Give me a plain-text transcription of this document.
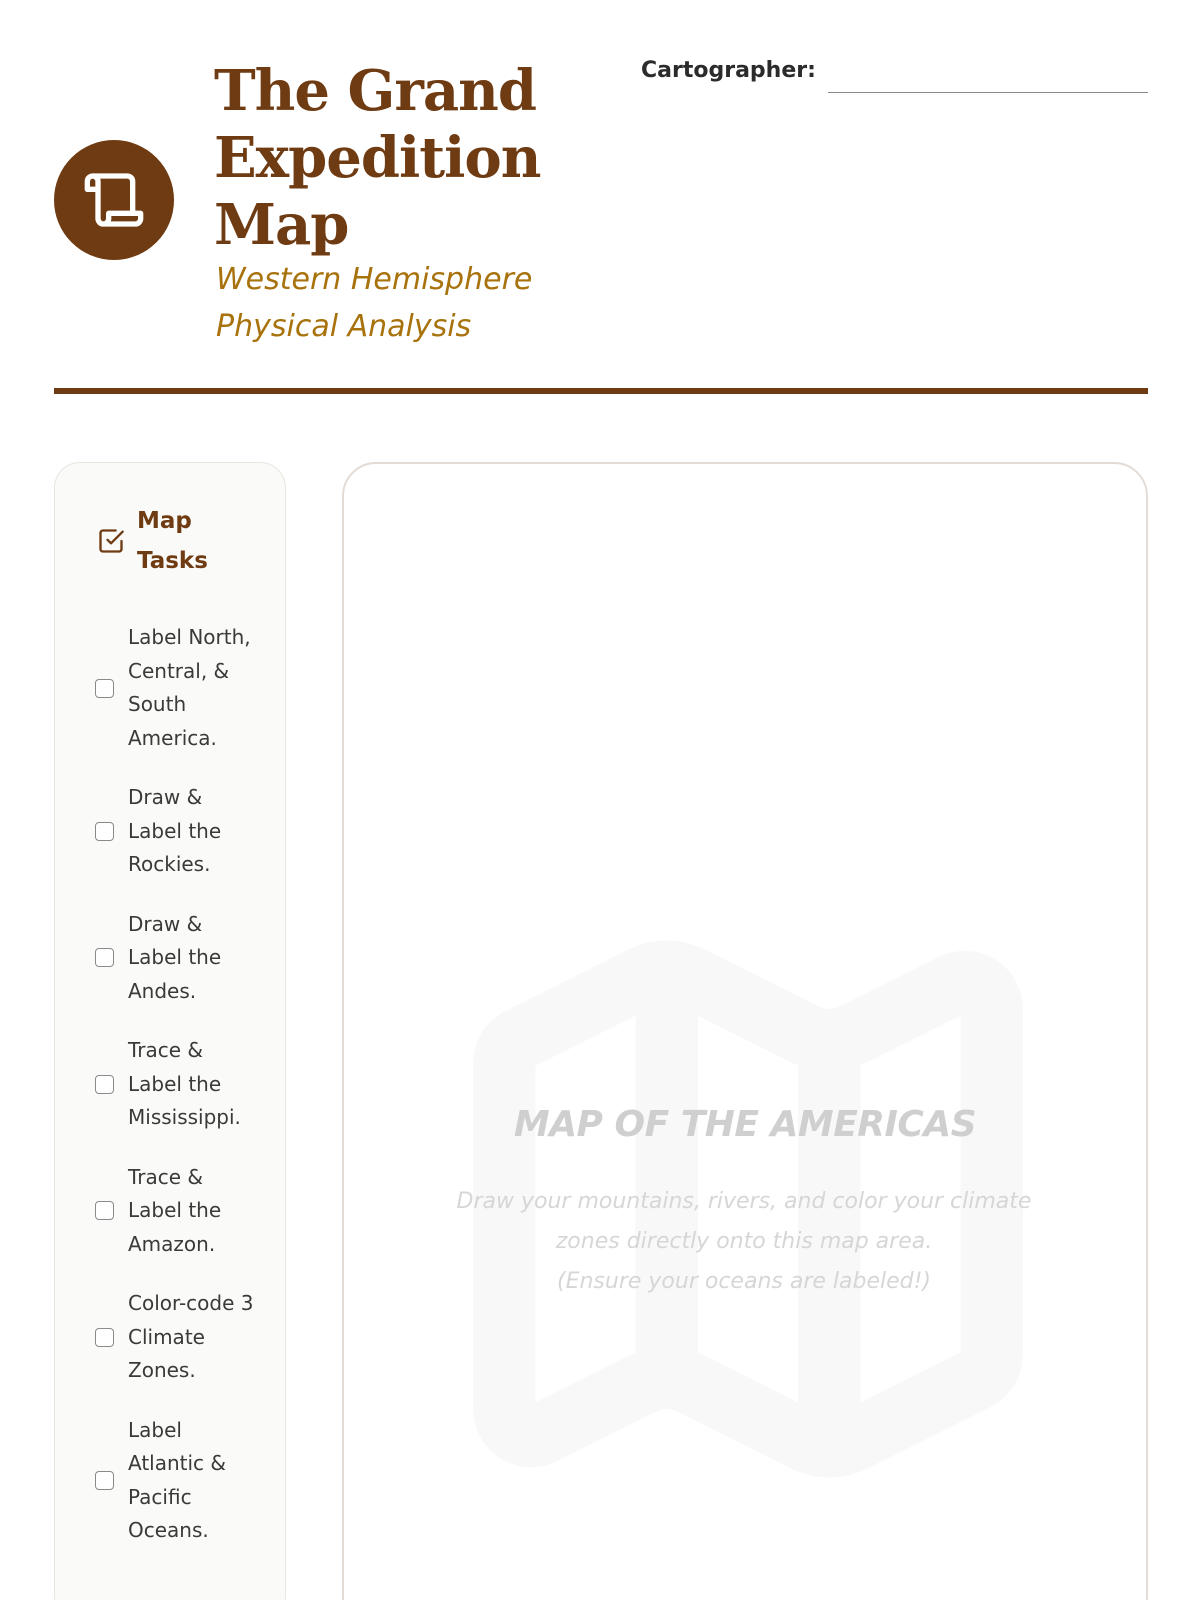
The Grand
Expedition
Map
Western Hemisphere
Physical Analysis
Cartographer:
Map Tasks
Label North, Central, & South America.
Draw & Label the Rockies.
Draw & Label the Andes.
Trace & Label the Mississippi.
Trace & Label the Amazon.
Color-code 3 Climate Zones.
Label Atlantic & Pacific Oceans.
MAP OF THE AMERICAS
Draw your mountains, rivers, and color your climate
zones directly onto this map area.
(Ensure your oceans are labeled!)
